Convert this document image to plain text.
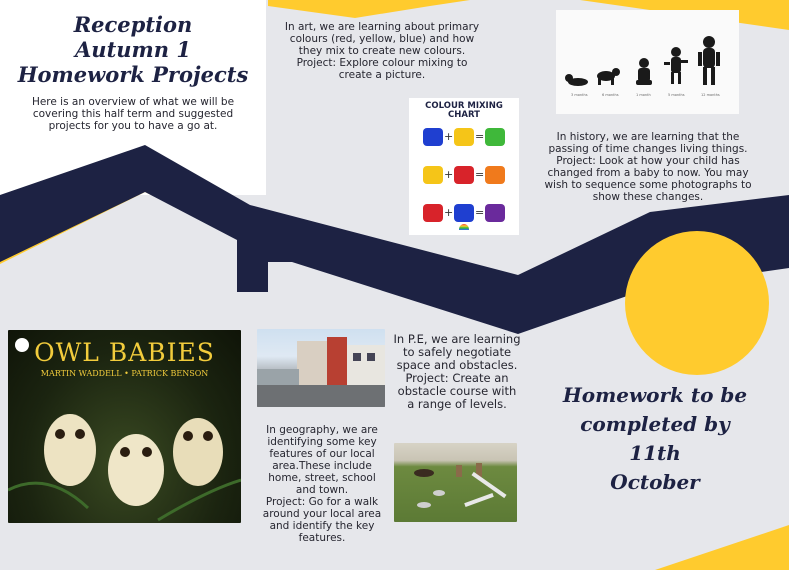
Reception
Autumn 1
Homework Projects
Here is an overview of what we will be covering this half term and suggested projects for you to have a go at.
In art, we are learning about primary colours (red, yellow, blue) and how they mix to create new colours.
Project: Explore colour mixing to create a picture.
COLOUR MIXING
CHART
+ =
+ =
+ =
3 months	6 months	1 month	5 months	12 months
In history, we are learning that the passing of time changes living things.
Project: Look at how your child has changed from a baby to now. You may wish to sequence some photographs to show these changes.
OWL BABIES
MARTIN WADDELL • PATRICK BENSON
In P.E, we are learning to safely negotiate space and obstacles.
Project: Create an obstacle course with a range of levels.
In geography, we are identifying some key features of our local area.These include home, street, school and town.
Project: Go for a walk around your local area and identify the key features.
Homework to be
completed by 11th
October
